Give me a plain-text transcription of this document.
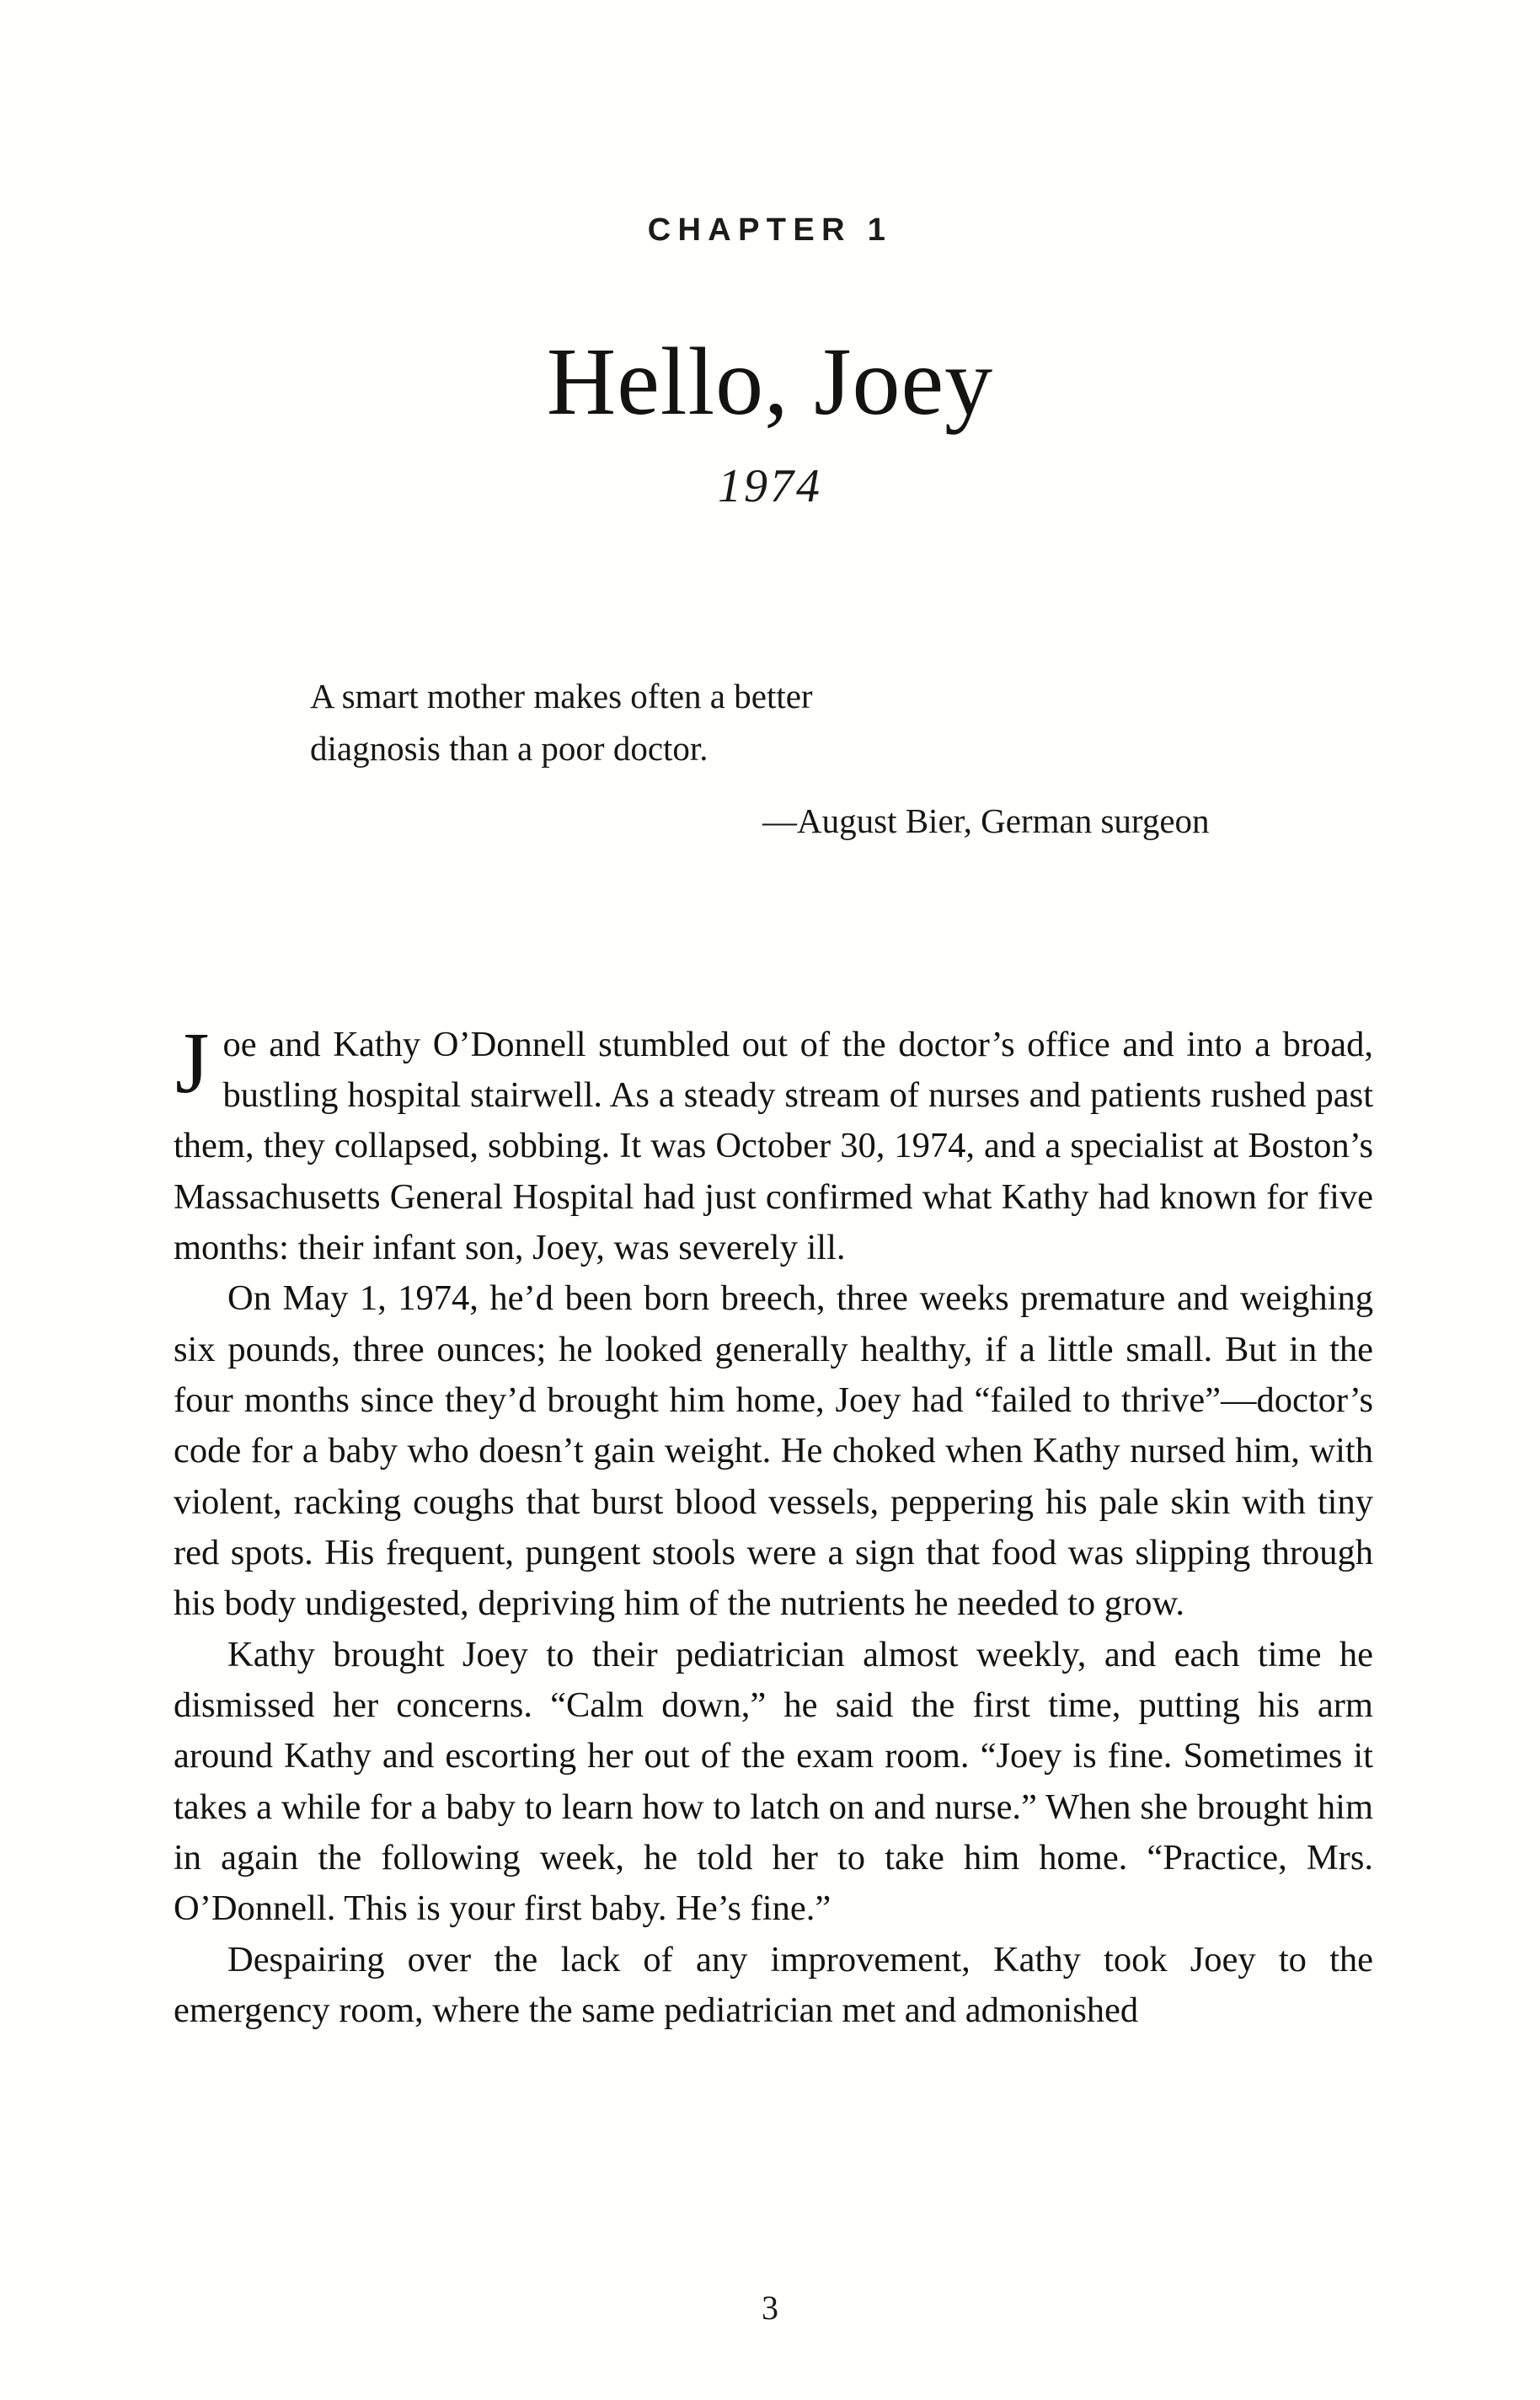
CHAPTER 1
Hello, Joey
1974
A smart mother makes often a better
diagnosis than a poor doctor.
—August Bier, German surgeon

Joe and Kathy O’Donnell stumbled out of the doctor’s office and into a broad, bustling hospital stairwell. As a steady stream of nurses and patients rushed past them, they collapsed, sobbing. It was October 30, 1974, and a specialist at Boston’s Massachusetts General Hospital had just confirmed what Kathy had known for five months: their infant son, Joey, was severely ill.

On May 1, 1974, he’d been born breech, three weeks premature and weighing six pounds, three ounces; he looked generally healthy, if a little small. But in the four months since they’d brought him home, Joey had “failed to thrive”—doctor’s code for a baby who doesn’t gain weight. He choked when Kathy nursed him, with violent, racking coughs that burst blood vessels, peppering his pale skin with tiny red spots. His frequent, pungent stools were a sign that food was slipping through his body undigested, depriving him of the nutrients he needed to grow.

Kathy brought Joey to their pediatrician almost weekly, and each time he dismissed her concerns. “Calm down,” he said the first time, putting his arm around Kathy and escorting her out of the exam room. “Joey is fine. Sometimes it takes a while for a baby to learn how to latch on and nurse.” When she brought him in again the following week, he told her to take him home. “Practice, Mrs. O’Donnell. This is your first baby. He’s fine.”

Despairing over the lack of any improvement, Kathy took Joey to the emergency room, where the same pediatrician met and admonished

3
